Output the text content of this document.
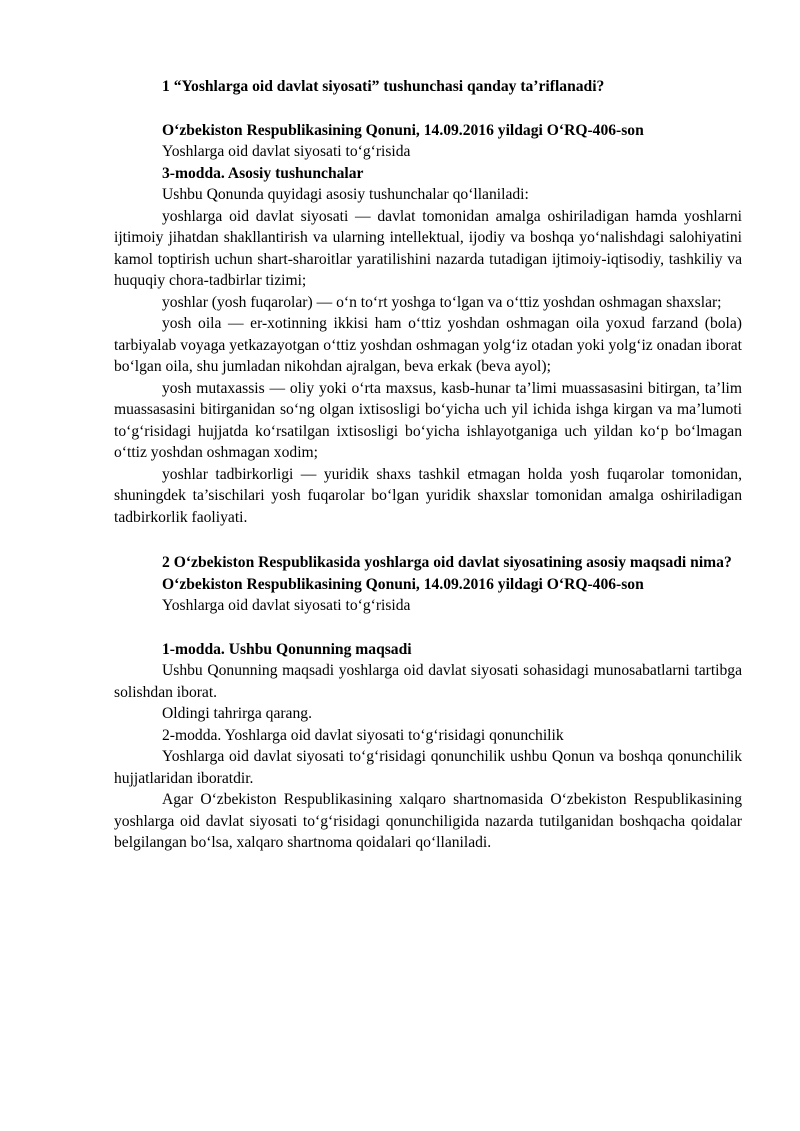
1 “Yoshlarga oid davlat siyosati” tushunchasi qanday ta’riflanadi?

O‘zbekiston Respublikasining Qonuni, 14.09.2016 yildagi O‘RQ-406-son

Yoshlarga oid davlat siyosati to‘g‘risida

3-modda. Asosiy tushunchalar

Ushbu Qonunda quyidagi asosiy tushunchalar qo‘llaniladi:

yoshlarga oid davlat siyosati — davlat tomonidan amalga oshiriladigan hamda yoshlarni ijtimoiy jihatdan shakllantirish va ularning intellektual, ijodiy va boshqa yo‘nalishdagi salohiyatini kamol toptirish uchun shart-sharoitlar yaratilishini nazarda tutadigan ijtimoiy-iqtisodiy, tashkiliy va huquqiy chora-tadbirlar tizimi;

yoshlar (yosh fuqarolar) — o‘n to‘rt yoshga to‘lgan va o‘ttiz yoshdan oshmagan shaxslar;

yosh oila — er-xotinning ikkisi ham o‘ttiz yoshdan oshmagan oila yoxud farzand (bola) tarbiyalab voyaga yetkazayotgan o‘ttiz yoshdan oshmagan yolg‘iz otadan yoki yolg‘iz onadan iborat bo‘lgan oila, shu jumladan nikohdan ajralgan, beva erkak (beva ayol);

yosh mutaxassis — oliy yoki o‘rta maxsus, kasb-hunar ta’limi muassasasini bitirgan, ta’lim muassasasini bitirganidan so‘ng olgan ixtisosligi bo‘yicha uch yil ichida ishga kirgan va ma’lumoti to‘g‘risidagi hujjatda ko‘rsatilgan ixtisosligi bo‘yicha ishlayotganiga uch yildan ko‘p bo‘lmagan o‘ttiz yoshdan oshmagan xodim;

yoshlar tadbirkorligi — yuridik shaxs tashkil etmagan holda yosh fuqarolar tomonidan, shuningdek ta’sischilari yosh fuqarolar bo‘lgan yuridik shaxslar tomonidan amalga oshiriladigan tadbirkorlik faoliyati.

2 O‘zbekiston Respublikasida yoshlarga oid davlat siyosatining asosiy maqsadi nima?

O‘zbekiston Respublikasining Qonuni, 14.09.2016 yildagi O‘RQ-406-son

Yoshlarga oid davlat siyosati to‘g‘risida

1-modda. Ushbu Qonunning maqsadi

Ushbu Qonunning maqsadi yoshlarga oid davlat siyosati sohasidagi munosabatlarni tartibga solishdan iborat.

Oldingi tahrirga qarang.

2-modda. Yoshlarga oid davlat siyosati to‘g‘risidagi qonunchilik

Yoshlarga oid davlat siyosati to‘g‘risidagi qonunchilik ushbu Qonun va boshqa qonunchilik hujjatlaridan iboratdir.

Agar O‘zbekiston Respublikasining xalqaro shartnomasida O‘zbekiston Respublikasining yoshlarga oid davlat siyosati to‘g‘risidagi qonunchiligida nazarda tutilganidan boshqacha qoidalar belgilangan bo‘lsa, xalqaro shartnoma qoidalari qo‘llaniladi.
